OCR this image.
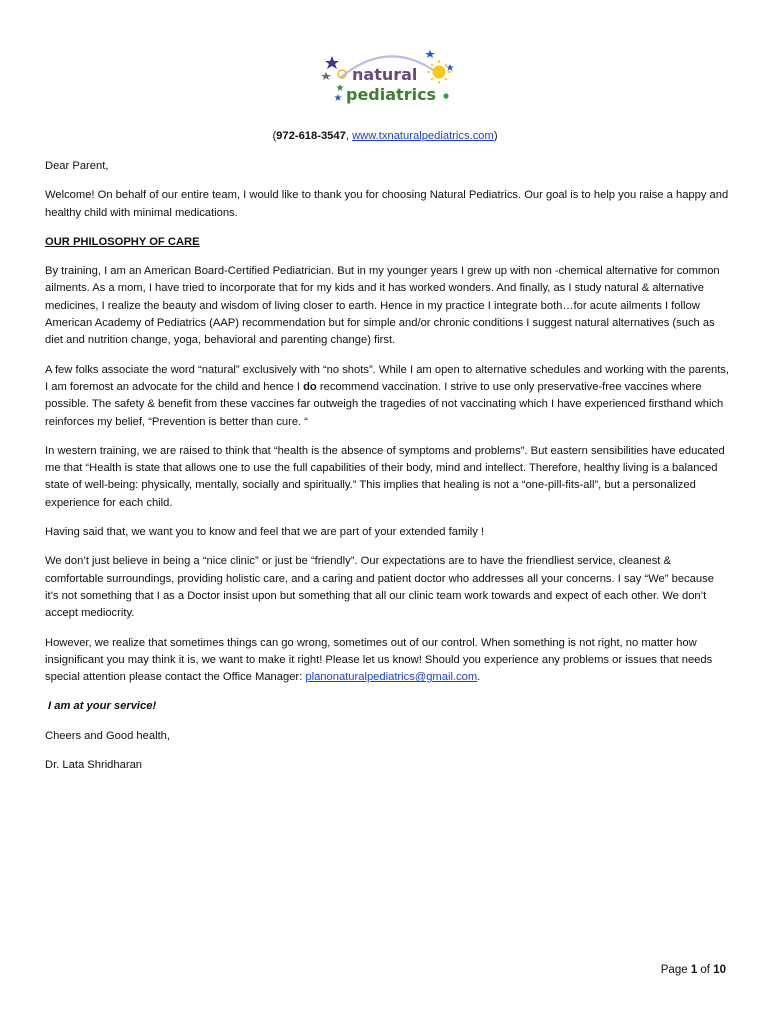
natural
pediatrics
(972-618-3547, www.txnaturalpediatrics.com)

Dear Parent,

Welcome! On behalf of our entire team, I would like to thank you for choosing Natural Pediatrics. Our goal is to help you raise a happy and healthy child with minimal medications.

OUR PHILOSOPHY OF CARE

By training, I am an American Board-Certified Pediatrician. But in my younger years I grew up with non -chemical alternative for common ailments. As a mom, I have tried to incorporate that for my kids and it has worked wonders. And finally, as I study natural & alternative medicines, I realize the beauty and wisdom of living closer to earth. Hence in my practice I integrate both…for acute ailments I follow American Academy of Pediatrics (AAP) recommendation but for simple and/or chronic conditions I suggest natural alternatives (such as diet and nutrition change, yoga, behavioral and parenting change) first.

A few folks associate the word “natural” exclusively with “no shots”. While I am open to alternative schedules and working with the parents, I am foremost an advocate for the child and hence I do recommend vaccination. I strive to use only preservative-free vaccines where possible. The safety & benefit from these vaccines far outweigh the tragedies of not vaccinating which I have experienced firsthand which reinforces my belief, “Prevention is better than cure. “

In western training, we are raised to think that “health is the absence of symptoms and problems”. But eastern sensibilities have educated me that “Health is state that allows one to use the full capabilities of their body, mind and intellect. Therefore, healthy living is a balanced state of well-being: physically, mentally, socially and spiritually.” This implies that healing is not a “one-pill-fits-all”, but a personalized experience for each child.

Having said that, we want you to know and feel that we are part of your extended family !

We don’t just believe in being a “nice clinic” or just be “friendly”. Our expectations are to have the friendliest service, cleanest & comfortable surroundings, providing holistic care, and a caring and patient doctor who addresses all your concerns. I say “We” because it’s not something that I as a Doctor insist upon but something that all our clinic team work towards and expect of each other. We don’t accept mediocrity.

However, we realize that sometimes things can go wrong, sometimes out of our control. When something is not right, no matter how insignificant you may think it is, we want to make it right! Please let us know! Should you experience any problems or issues that needs special attention please contact the Office Manager: planonaturalpediatrics@gmail.com.

I am at your service!

Cheers and Good health,

Dr. Lata Shridharan

Page 1 of 10
